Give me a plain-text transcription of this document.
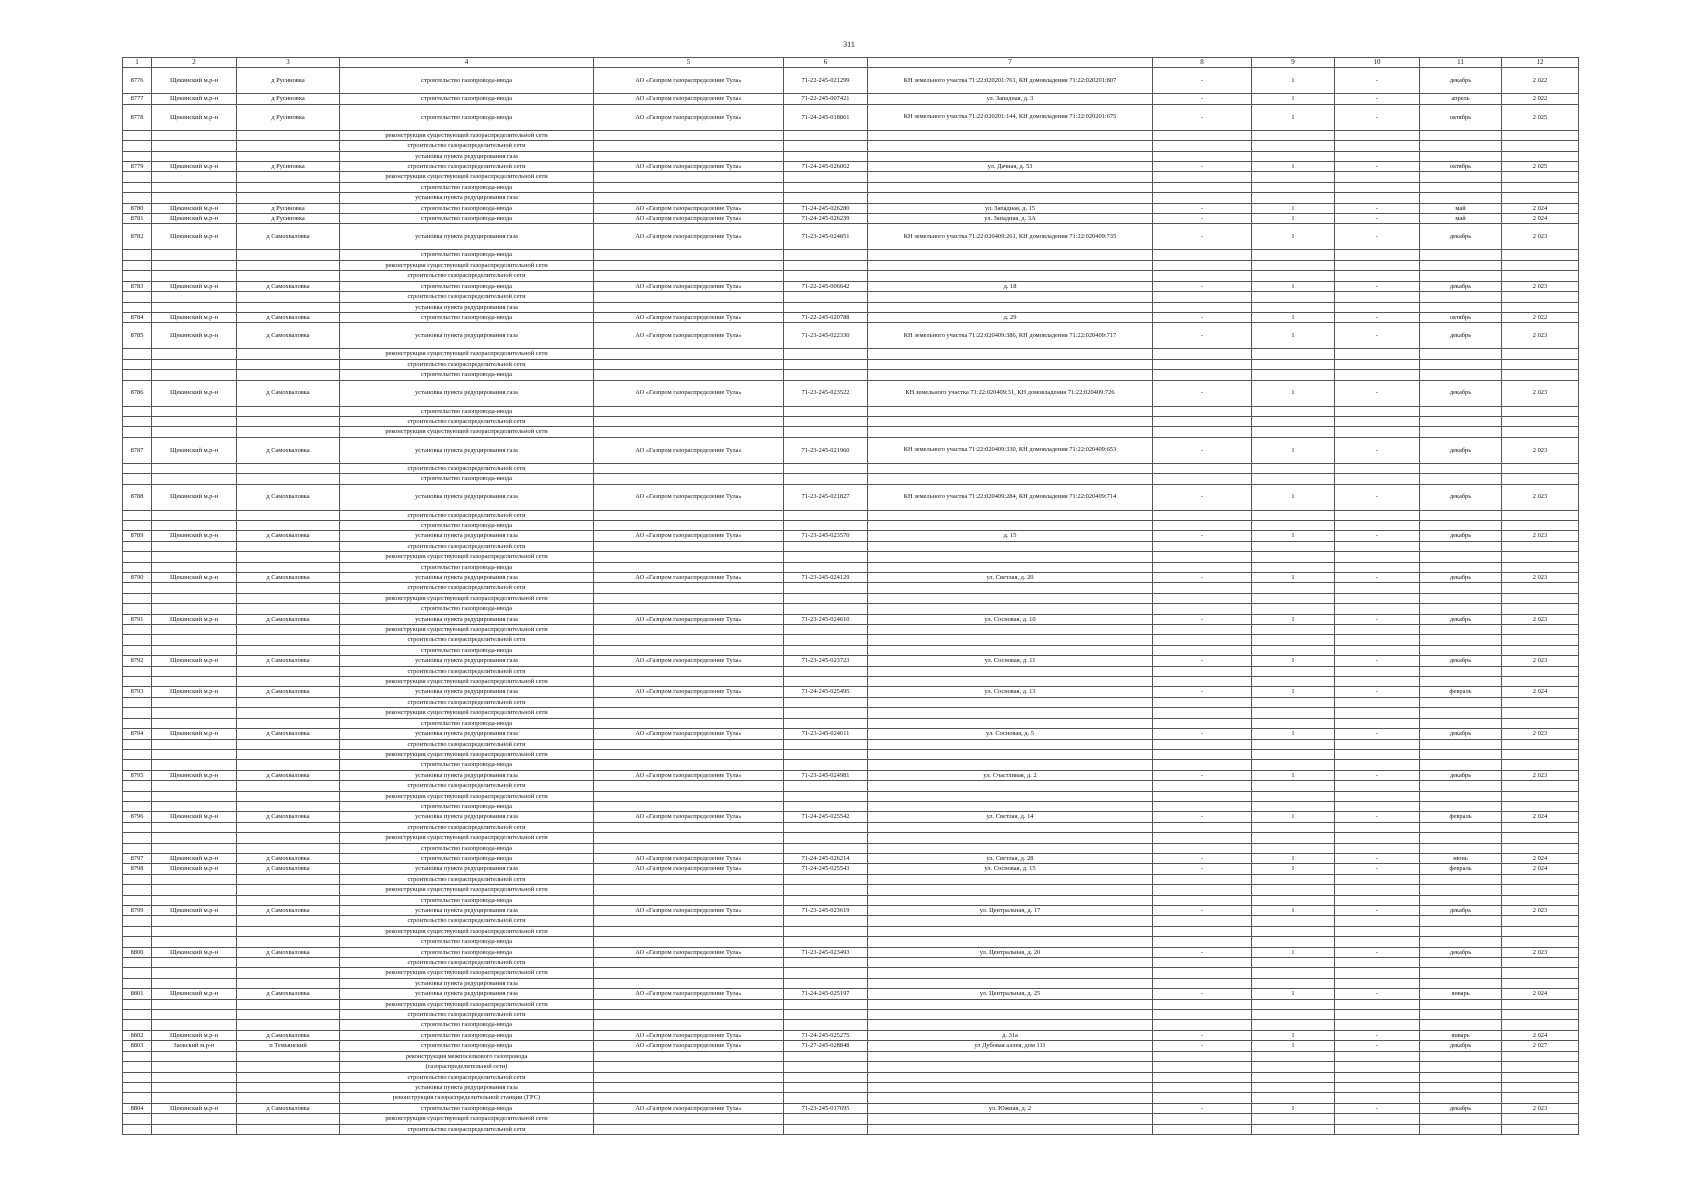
311
1	2	3	4	5	6	7	8	9	10	11	12
8776	Щекинский м.р-н	д Русиновка	строительство газопровода-ввода	АО «Газпром газораспределение Тула»	71-22-245-021299	КН земельного участка 71:22:020201:761, КН домовладения 71:22:020201:807	-	1	-	декабрь	2 022
8777	Щекинский м.р-н	д Русиновка	строительство газопровода-ввода	АО «Газпром газораспределение Тула»	71-22-245-007421	ул. Западная, д. 3	-	1	-	апрель	2 022
8778	Щекинский м.р-н	д Русиновка	строительство газопровода-ввода	АО «Газпром газораспределение Тула»	71-24-245-018861	КН земельного участка 71:22:020201:144, КН домовладения 71:22:020201:675	-	1	-	октябрь	2 025
			реконструкция существующей газораспределительной сети								
			строительство газораспределительной сети								
			установка пункта редуцирования газа								
8779	Щекинский м.р-н	д Русиновка	строительство газораспределительной сети	АО «Газпром газораспределение Тула»	71-24-245-026062	ул. Дачная, д. 53	-	1	-	октябрь	2 025
			реконструкция существующей газораспределительной сети								
			строительство газопровода-ввода								
			установка пункта редуцирования газа								
8780	Щекинский м.р-н	д Русиновка	строительство газопровода-ввода	АО «Газпром газораспределение Тула»	71-24-245-026280	ул. Западная, д. 15	-	1	-	май	2 024
8781	Щекинский м.р-н	д Русиновка	строительство газопровода-ввода	АО «Газпром газораспределение Тула»	71-24-245-026239	ул. Западная, д. 3А	-	1	-	май	2 024
8782	Щекинский м.р-н	д Самохваловка	установка пункта редуцирования газа	АО «Газпром газораспределение Тула»	71-23-245-024851	КН земельного участка 71:22:020409:261, КН домовладения 71:22:020409:735	-	1	-	декабрь	2 023
			строительство газопровода-ввода								
			реконструкция существующей газораспределительной сети								
			строительство газораспределительной сети								
8783	Щекинский м.р-н	д Самохваловка	строительство газопровода-ввода	АО «Газпром газораспределение Тула»	71-22-245-006642	д. 18	-	1	-	декабрь	2 023
			строительство газораспределительной сети								
			установка пункта редуцирования газа								
8784	Щекинский м.р-н	д Самохваловка	строительство газопровода-ввода	АО «Газпром газораспределение Тула»	71-22-245-020788	д. 29	-	1	-	октябрь	2 022
8785	Щекинский м.р-н	д Самохваловка	установка пункта редуцирования газа	АО «Газпром газораспределение Тула»	71-23-245-022330	КН земельного участка 71:22:020409:386, КН домовладения 71:22:020409:717	-	1	-	декабрь	2 023
			реконструкция существующей газораспределительной сети								
			строительство газораспределительной сети								
			строительство газопровода-ввода								
8786	Щекинский м.р-н	д Самохваловка	установка пункта редуцирования газа	АО «Газпром газораспределение Тула»	71-23-245-023522	КН земельного участка 71:22:020409:31, КН домовладения 71:22:020409:726	-	1	-	декабрь	2 023
			строительство газопровода-ввода								
			строительство газораспределительной сети								
			реконструкция существующей газораспределительной сети								
8787	Щекинский м.р-н	д Самохваловка	установка пункта редуцирования газа	АО «Газпром газораспределение Тула»	71-23-245-021960	КН земельного участка 71:22:020409:330, КН домовладения 71:22:020409:653	-	1	-	декабрь	2 023
			строительство газораспределительной сети								
			строительство газопровода-ввода								
8788	Щекинский м.р-н	д Самохваловка	установка пункта редуцирования газа	АО «Газпром газораспределение Тула»	71-23-245-021827	КН земельного участка 71:22:020409:284, КН домовладения 71:22:020409:714	-	1	-	декабрь	2 023
			строительство газораспределительной сети								
			строительство газопровода-ввода								
8789	Щекинский м.р-н	д Самохваловка	установка пункта редуцирования газа	АО «Газпром газораспределение Тула»	71-23-245-023570	д. 15	-	1	-	декабрь	2 023
			строительство газораспределительной сети								
			реконструкция существующей газораспределительной сети								
			строительство газопровода-ввода								
8790	Щекинский м.р-н	д Самохваловка	установка пункта редуцирования газа	АО «Газпром газораспределение Тула»	71-23-245-024129	ул. Светлая, д. 20	-	1	-	декабрь	2 023
			строительство газораспределительной сети								
			реконструкция существующей газораспределительной сети								
			строительство газопровода-ввода								
8791	Щекинский м.р-н	д Самохваловка	установка пункта редуцирования газа	АО «Газпром газораспределение Тула»	71-23-245-024610	ул. Сосновая, д. 10	-	1	-	декабрь	2 023
			реконструкция существующей газораспределительной сети								
			строительство газораспределительной сети								
			строительство газопровода-ввода								
8792	Щекинский м.р-н	д Самохваловка	установка пункта редуцирования газа	АО «Газпром газораспределение Тула»	71-23-245-023723	ул. Сосновая, д. 11	-	1	-	декабрь	2 023
			строительство газораспределительной сети								
			реконструкция существующей газораспределительной сети								
8793	Щекинский м.р-н	д Самохваловка	установка пункта редуцирования газа	АО «Газпром газораспределение Тула»	71-24-245-025495	ул. Сосновая, д. 13	-	1	-	февраль	2 024
			строительство газораспределительной сети								
			реконструкция существующей газораспределительной сети								
			строительство газопровода-ввода								
8794	Щекинский м.р-н	д Самохваловка	установка пункта редуцирования газа	АО «Газпром газораспределение Тула»	71-23-245-024611	ул. Сосновая, д. 5	-	1	-	декабрь	2 023
			строительство газораспределительной сети								
			реконструкция существующей газораспределительной сети								
			строительство газопровода-ввода								
8795	Щекинский м.р-н	д Самохваловка	установка пункта редуцирования газа	АО «Газпром газораспределение Тула»	71-23-245-024981	ул. Счастливая, д. 2	-	1	-	декабрь	2 023
			строительство газораспределительной сети								
			реконструкция существующей газораспределительной сети								
			строительство газопровода-ввода								
8796	Щекинский м.р-н	д Самохваловка	установка пункта редуцирования газа	АО «Газпром газораспределение Тула»	71-24-245-025542	ул. Светлая, д. 14	-	1	-	февраль	2 024
			строительство газораспределительной сети								
			реконструкция существующей газораспределительной сети								
			строительство газопровода-ввода								
8797	Щекинский м.р-н	д Самохваловка	строительство газопровода-ввода	АО «Газпром газораспределение Тула»	71-24-245-026214	ул. Светлая, д. 28	-	1	-	июнь	2 024
8798	Щекинский м.р-н	д Самохваловка	установка пункта редуцирования газа	АО «Газпром газораспределение Тула»	71-24-245-025543	ул. Сосновая, д. 15	-	1	-	февраль	2 024
			строительство газораспределительной сети								
			реконструкция существующей газораспределительной сети								
			строительство газопровода-ввода								
8799	Щекинский м.р-н	д Самохваловка	установка пункта редуцирования газа	АО «Газпром газораспределение Тула»	71-23-245-023619	ул. Центральная, д. 17	-	1	-	декабрь	2 023
			строительство газораспределительной сети								
			реконструкция существующей газораспределительной сети								
			строительство газопровода-ввода								
8800	Щекинский м.р-н	д Самохваловка	строительство газопровода-ввода	АО «Газпром газораспределение Тула»	71-23-245-023493	ул. Центральная, д. 20	-	1	-	декабрь	2 023
			строительство газораспределительной сети								
			реконструкция существующей газораспределительной сети								
			установка пункта редуцирования газа								
8801	Щекинский м.р-н	д Самохваловка	установка пункта редуцирования газа	АО «Газпром газораспределение Тула»	71-24-245-025197	ул. Центральная, д. 25	-	1	-	январь	2 024
			реконструкция существующей газораспределительной сети								
			строительство газораспределительной сети								
			строительство газопровода-ввода								
8802	Щекинский м.р-н	д Самохваловка	строительство газопровода-ввода	АО «Газпром газораспределение Тула»	71-24-245-025275	д. 31а	-	1	-	январь	2 024
8803	Заокский м.р-н	п Темьянский	строительство газопровода-ввода	АО «Газпром газораспределение Тула»	71-27-245-028848	ул Дубовая аллея, дом 111	-	1	-	декабрь	2 027
			реконструкция межпоселкового газопровода								
			(газораспределительной сети)								
			строительство газораспределительной сети								
			установка пункта редуцирования газа								
			реконструкция газораспределительной станции (ГРС)								
8804	Щекинский м.р-н	д Самохваловка	строительство газопровода-ввода	АО «Газпром газораспределение Тула»	71-23-245-017695	ул. Южная, д. 2	-	1	-	декабрь	2 023
			реконструкция существующей газораспределительной сети								
			строительство газораспределительной сети								
